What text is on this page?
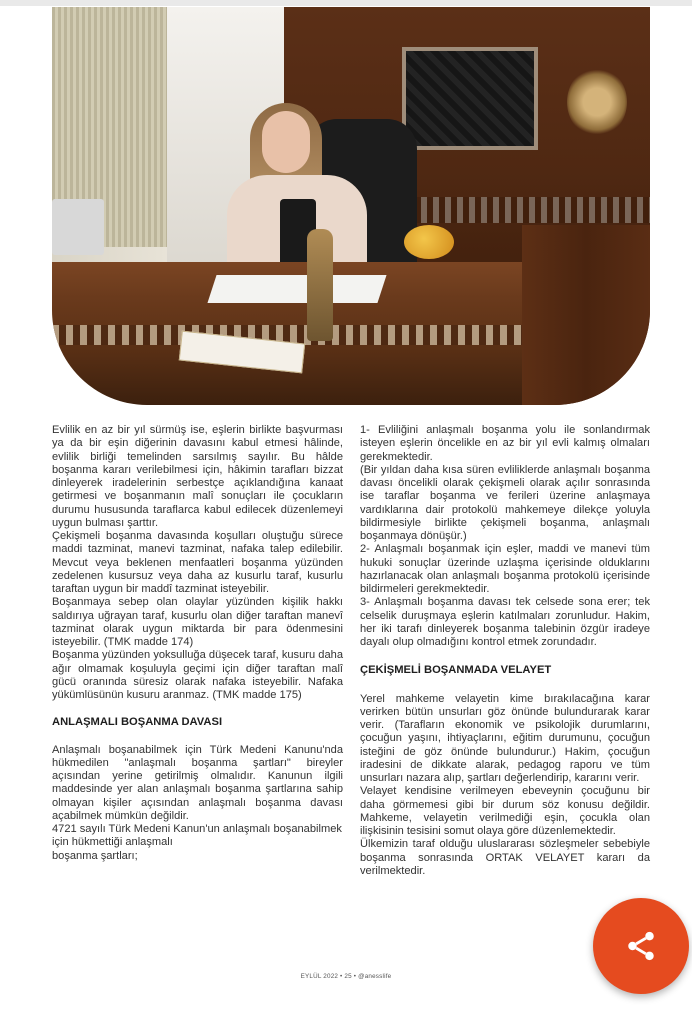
Evlilik en az bir yıl sürmüş ise, eşlerin birlikte başvurması ya da bir eşin diğerinin davasını kabul etmesi hâlinde, evlilik birliği temelinden sarsılmış sayılır. Bu hâlde boşanma kararı verilebilmesi için, hâkimin tarafları bizzat dinleyerek iradelerinin serbestçe açıklandığına kanaat getirmesi ve boşanmanın malî sonuçları ile çocukların durumu hususunda taraflarca kabul edilecek düzenlemeyi uygun bulması şarttır.

Çekişmeli boşanma davasında koşulları oluştuğu sürece maddi tazminat, manevi tazminat, nafaka talep edilebilir. Mevcut veya beklenen menfaatleri boşanma yüzünden zedelenen kusursuz veya daha az kusurlu taraf, kusurlu taraftan uygun bir maddî tazminat isteyebilir.

Boşanmaya sebep olan olaylar yüzünden kişilik hakkı saldırıya uğrayan taraf, kusurlu olan diğer taraftan manevî tazminat olarak uygun miktarda bir para ödenmesini isteyebilir. (TMK madde 174)

Boşanma yüzünden yoksulluğa düşecek taraf, kusuru daha ağır olmamak koşuluyla geçimi için diğer taraftan malî gücü oranında süresiz olarak nafaka isteyebilir. Nafaka yükümlüsünün kusuru aranmaz. (TMK madde 175)

ANLAŞMALI BOŞANMA DAVASI

Anlaşmalı boşanabilmek için Türk Medeni Kanunu'nda hükmedilen "anlaşmalı boşanma şartları" bireyler açısından yerine getirilmiş olmalıdır. Kanunun ilgili maddesinde yer alan anlaşmalı boşanma şartlarına sahip olmayan kişiler açısından anlaşmalı boşanma davası açabilmek mümkün değildir.

4721 sayılı Türk Medeni Kanun'un anlaşmalı boşanabilmek için hükmettiği anlaşmalı

boşanma şartları;

1- Evliliğini anlaşmalı boşanma yolu ile sonlandırmak isteyen eşlerin öncelikle en az bir yıl evli kalmış olmaları gerekmektedir.

(Bir yıldan daha kısa süren evliliklerde anlaşmalı boşanma davası öncelikli olarak çekişmeli olarak açılır sonrasında ise taraflar boşanma ve ferileri üzerine anlaşmaya vardıklarına dair protokolü mahkemeye dilekçe yoluyla bildirmesiyle birlikte çekişmeli boşanma, anlaşmalı boşanmaya dönüşür.)

2- Anlaşmalı boşanmak için eşler, maddi ve manevi tüm hukuki sonuçlar üzerinde uzlaşma içerisinde olduklarını hazırlanacak olan anlaşmalı boşanma protokolü içerisinde bildirmeleri gerekmektedir.

3- Anlaşmalı boşanma davası tek celsede sona erer; tek celselik duruşmaya eşlerin katılmaları zorunludur. Hakim, her iki tarafı dinleyerek boşanma talebinin özgür iradeye dayalı olup olmadığını kontrol etmek zorundadır.

ÇEKİŞMELİ BOŞANMADA VELAYET

Yerel mahkeme velayetin kime bırakılacağına karar verirken bütün unsurları göz önünde bulundurarak karar verir. (Tarafların ekonomik ve psikolojik durumlarını, çocuğun yaşını, ihtiyaçlarını, eğitim durumunu, çocuğun isteğini de göz önünde bulundurur.) Hakim, çocuğun iradesini de dikkate alarak, pedagog raporu ve tüm unsurları nazara alıp, şartları değerlendirip, kararını verir.

Velayet kendisine verilmeyen ebeveynin çocuğunu bir daha görmemesi gibi bir durum söz konusu değildir. Mahkeme, velayetin verilmediği eşin, çocukla olan ilişkisinin tesisini somut olaya göre düzenlemektedir.

Ülkemizin taraf olduğu uluslararası sözleşmeler sebebiyle boşanma sonrasında ORTAK VELAYET kararı da verilmektedir.

EYLÜL 2022 • 25 • @anesslife
